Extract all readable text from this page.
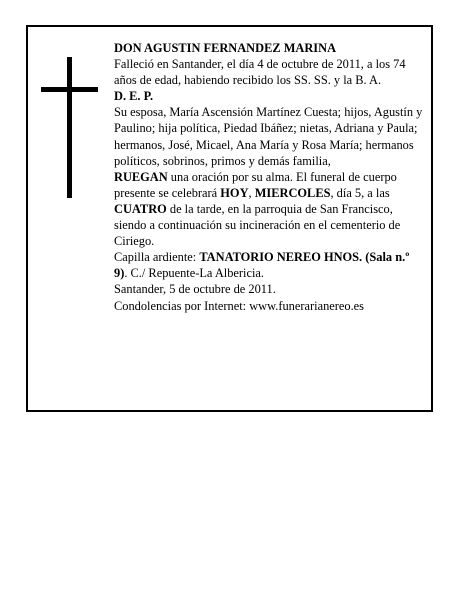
DON AGUSTIN FERNANDEZ MARINA

Falleció en Santander, el día 4 de octubre de 2011, a los 74 años de edad, habiendo recibido los SS. SS. y la B. A.

D. E. P.

Su esposa, María Ascensión Martínez Cuesta; hijos, Agustín y Paulino; hija política, Piedad Ibáñez; nietas, Adriana y Paula; hermanos, José, Micael, Ana María y Rosa María; hermanos políticos, sobrinos, primos y demás familia,

RUEGAN una oración por su alma. El funeral de cuerpo presente se celebrará HOY, MIERCOLES, día 5, a las CUATRO de la tarde, en la parroquia de San Francisco, siendo a continuación su incineración en el cementerio de Ciriego.

Capilla ardiente: TANATORIO NEREO HNOS. (Sala n.º 9). C./ Repuente-La Albericia.

Santander, 5 de octubre de 2011.

Condolencias por Internet: www.funerarianereo.es
